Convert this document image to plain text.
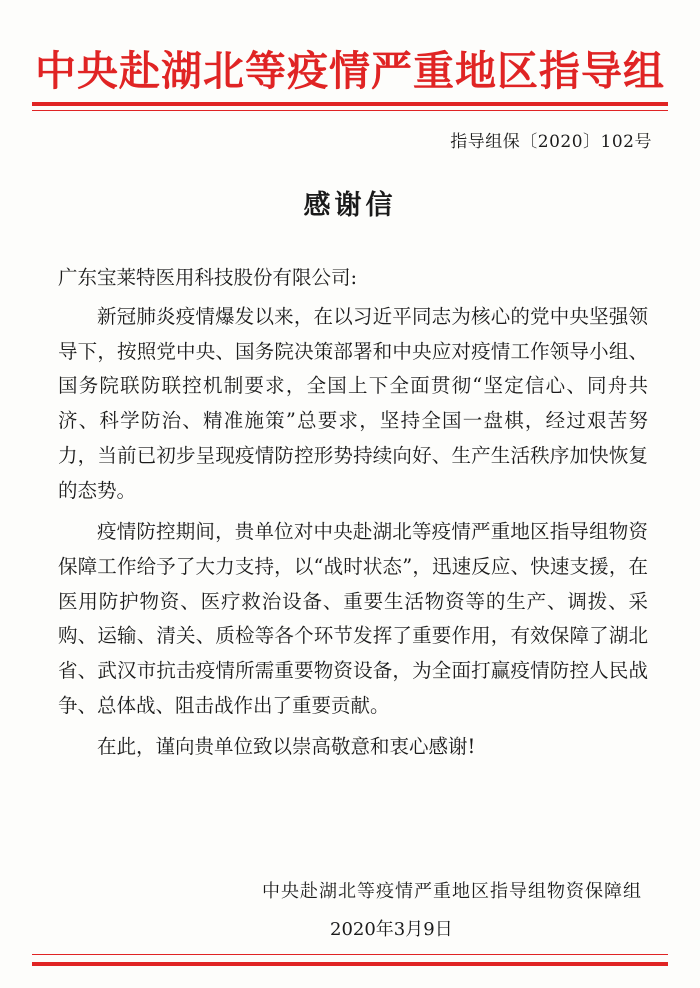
中央赴湖北等疫情严重地区指导组
指导组保〔2020〕102号
感谢信
广东宝莱特医用科技股份有限公司:

新冠肺炎疫情爆发以来，在以习近平同志为核心的党中央坚强领导下，按照党中央、国务院决策部署和中央应对疫情工作领导小组、国务院联防联控机制要求，全国上下全面贯彻“坚定信心、同舟共济、科学防治、精准施策”总要求，坚持全国一盘棋，经过艰苦努力，当前已初步呈现疫情防控形势持续向好、生产生活秩序加快恢复的态势。

疫情防控期间，贵单位对中央赴湖北等疫情严重地区指导组物资保障工作给予了大力支持，以“战时状态”，迅速反应、快速支援，在医用防护物资、医疗救治设备、重要生活物资等的生产、调拨、采购、运输、清关、质检等各个环节发挥了重要作用，有效保障了湖北省、武汉市抗击疫情所需重要物资设备，为全面打赢疫情防控人民战争、总体战、阻击战作出了重要贡献。

在此，谨向贵单位致以崇高敬意和衷心感谢!

中央赴湖北等疫情严重地区指导组物资保障组
2020年3月9日
